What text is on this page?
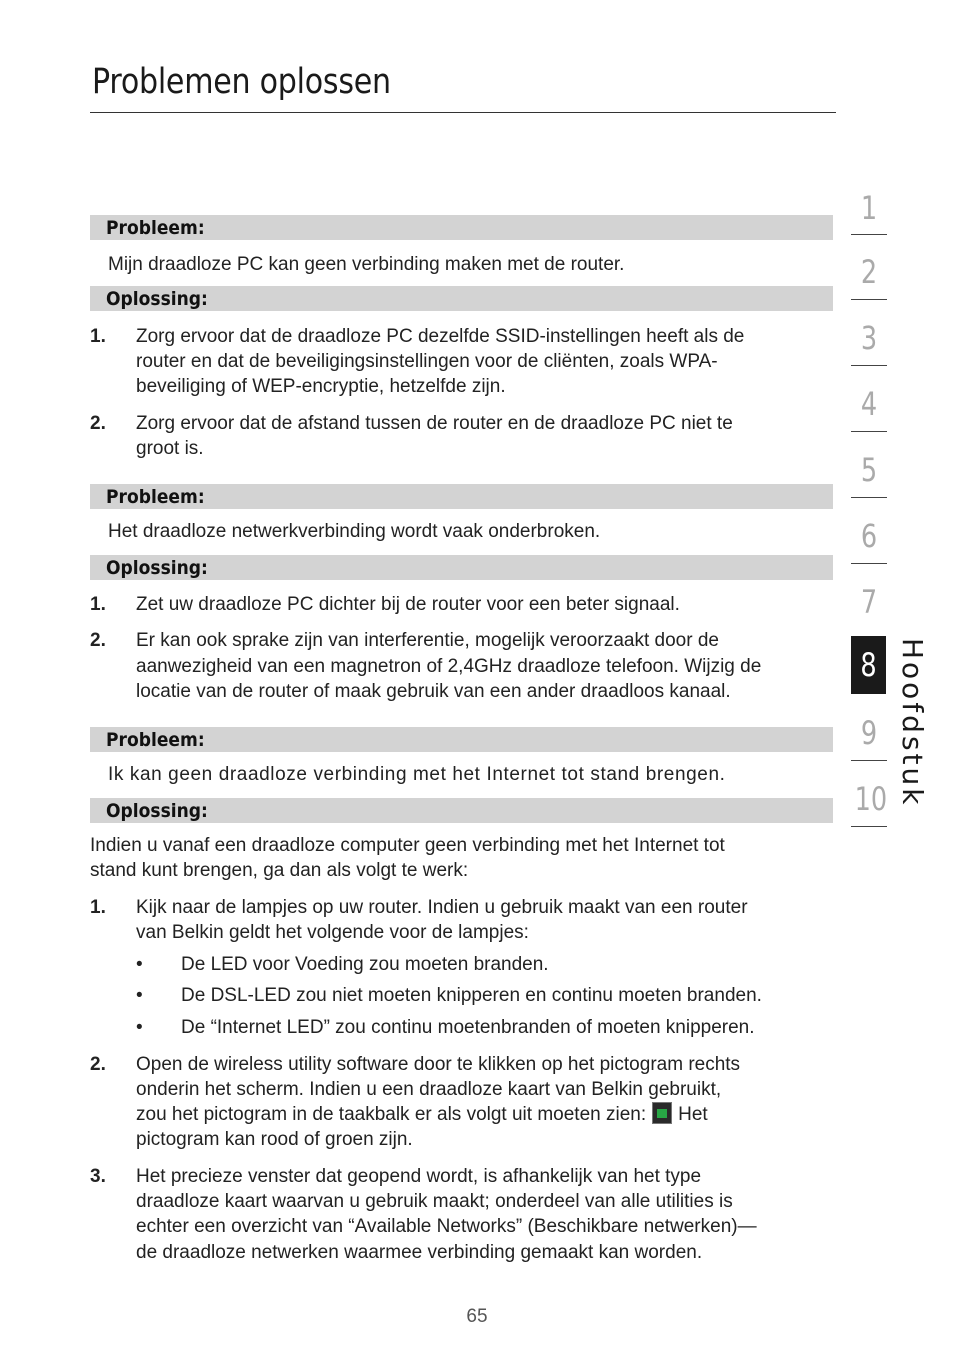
Problemen oplossen
Probleem:
Mijn draadloze PC kan geen verbinding maken met de router.
Oplossing:
1. Zorg ervoor dat de draadloze PC dezelfde SSID-instellingen heeft als de
router en dat de beveiligingsinstellingen voor de cliënten, zoals WPA-
beveiliging of WEP-encryptie, hetzelfde zijn.
2. Zorg ervoor dat de afstand tussen de router en de draadloze PC niet te
groot is.
Probleem:
Het draadloze netwerkverbinding wordt vaak onderbroken.
Oplossing:
1. Zet uw draadloze PC dichter bij de router voor een beter signaal.
2. Er kan ook sprake zijn van interferentie, mogelijk veroorzaakt door de
aanwezigheid van een magnetron of 2,4GHz draadloze telefoon. Wijzig de
locatie van de router of maak gebruik van een ander draadloos kanaal.
Probleem:
Ik kan geen draadloze verbinding met het Internet tot stand brengen.
Oplossing:
Indien u vanaf een draadloze computer geen verbinding met het Internet tot
stand kunt brengen, ga dan als volgt te werk:
1. Kijk naar de lampjes op uw router. Indien u gebruik maakt van een router
van Belkin geldt het volgende voor de lampjes:
• De LED voor Voeding zou moeten branden.
• De DSL-LED zou niet moeten knipperen en continu moeten branden.
• De “Internet LED” zou continu moetenbranden of moeten knipperen.
2. Open de wireless utility software door te klikken op het pictogram rechts
onderin het scherm. Indien u een draadloze kaart van Belkin gebruikt,
zou het pictogram in de taakbalk er als volgt uit moeten zien: Het
pictogram kan rood of groen zijn.
3. Het precieze venster dat geopend wordt, is afhankelijk van het type
draadloze kaart waarvan u gebruik maakt; onderdeel van alle utilities is
echter een overzicht van “Available Networks” (Beschikbare netwerken)—
de draadloze netwerken waarmee verbinding gemaakt kan worden.
1
2
3
4
5
6
7
8
9
10 Hoofdstuk
65
